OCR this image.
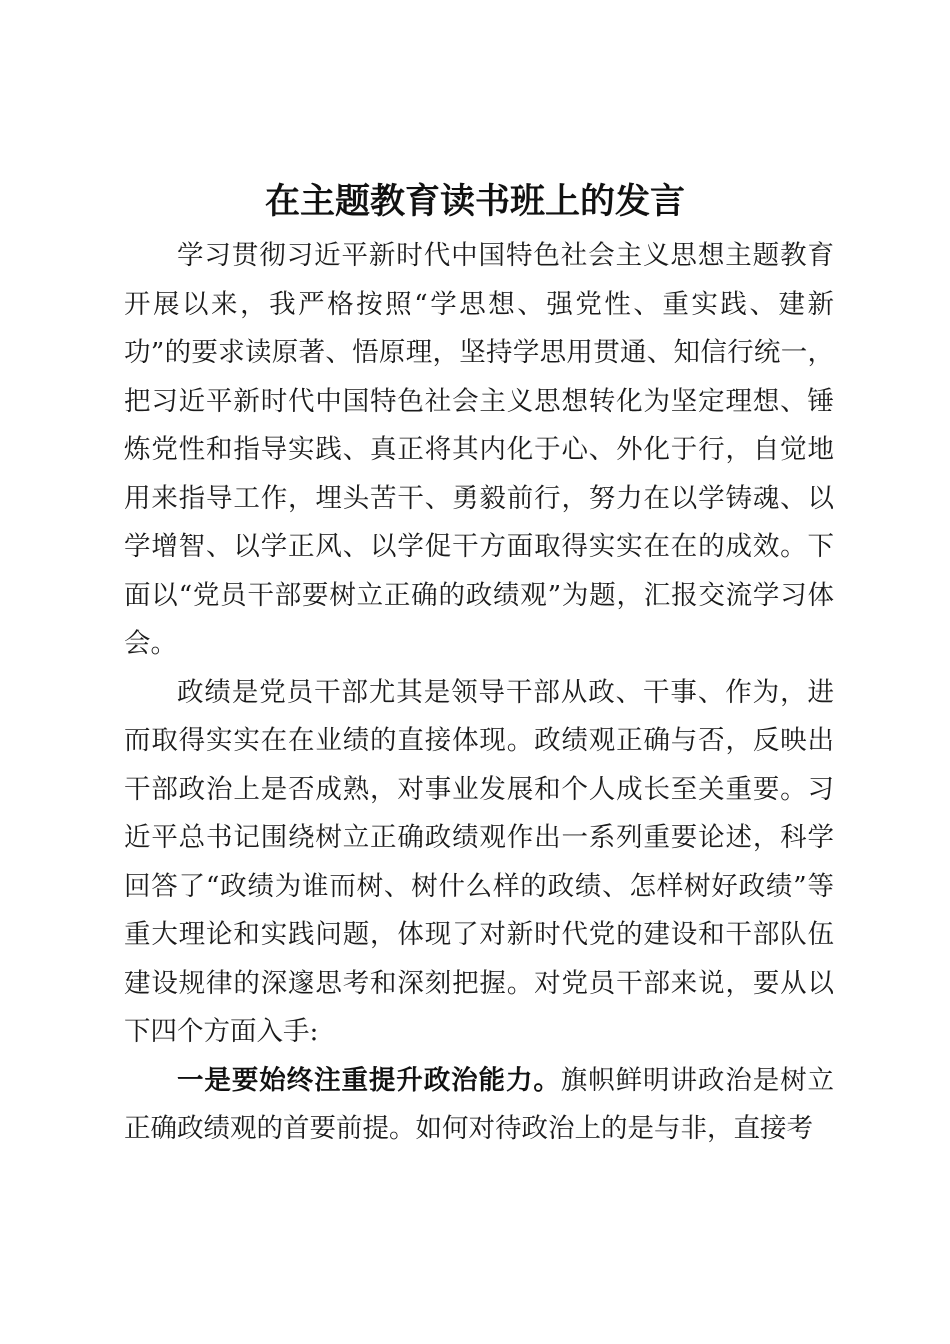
在主题教育读书班上的发言

学习贯彻习近平新时代中国特色社会主义思想主题教育开展以来，我严格按照“学思想、强党性、重实践、建新功”的要求读原著、悟原理，坚持学思用贯通、知信行统一，把习近平新时代中国特色社会主义思想转化为坚定理想、锤炼党性和指导实践、真正将其内化于心、外化于行，自觉地用来指导工作，埋头苦干、勇毅前行，努力在以学铸魂、以学增智、以学正风、以学促干方面取得实实在在的成效。下面以“党员干部要树立正确的政绩观”为题，汇报交流学习体会。

政绩是党员干部尤其是领导干部从政、干事、作为，进而取得实实在在业绩的直接体现。政绩观正确与否，反映出干部政治上是否成熟，对事业发展和个人成长至关重要。习近平总书记围绕树立正确政绩观作出一系列重要论述，科学回答了“政绩为谁而树、树什么样的政绩、怎样树好政绩”等重大理论和实践问题，体现了对新时代党的建设和干部队伍建设规律的深邃思考和深刻把握。对党员干部来说，要从以下四个方面入手:

一是要始终注重提升政治能力。旗帜鲜明讲政治是树立正确政绩观的首要前提。如何对待政治上的是与非，直接考
